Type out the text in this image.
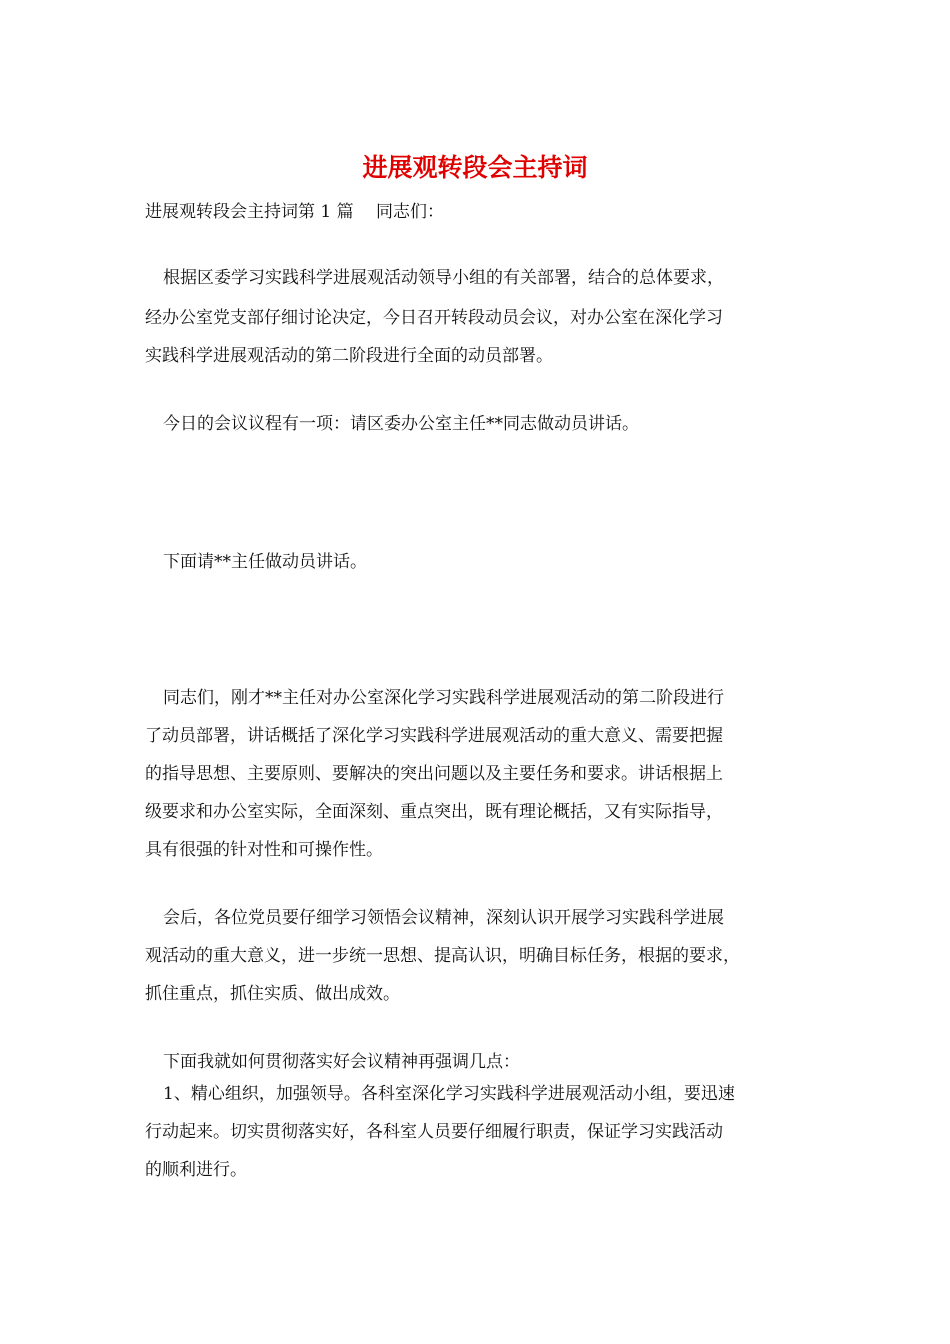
进展观转段会主持词

进展观转段会主持词第 1 篇　 同志们：

根据区委学习实践科学进展观活动领导小组的有关部署，结合的总体要求，

经办公室党支部仔细讨论决定，今日召开转段动员会议，对办公室在深化学习

实践科学进展观活动的第二阶段进行全面的动员部署。

今日的会议议程有一项：请区委办公室主任**同志做动员讲话。

下面请**主任做动员讲话。

同志们，刚才**主任对办公室深化学习实践科学进展观活动的第二阶段进行

了动员部署，讲话概括了深化学习实践科学进展观活动的重大意义、需要把握

的指导思想、主要原则、要解决的突出问题以及主要任务和要求。讲话根据上

级要求和办公室实际，全面深刻、重点突出，既有理论概括，又有实际指导，

具有很强的针对性和可操作性。

会后，各位党员要仔细学习领悟会议精神，深刻认识开展学习实践科学进展

观活动的重大意义，进一步统一思想、提高认识，明确目标任务，根据的要求，

抓住重点，抓住实质、做出成效。

下面我就如何贯彻落实好会议精神再强调几点：

1、精心组织，加强领导。各科室深化学习实践科学进展观活动小组，要迅速

行动起来。切实贯彻落实好，各科室人员要仔细履行职责，保证学习实践活动

的顺利进行。
